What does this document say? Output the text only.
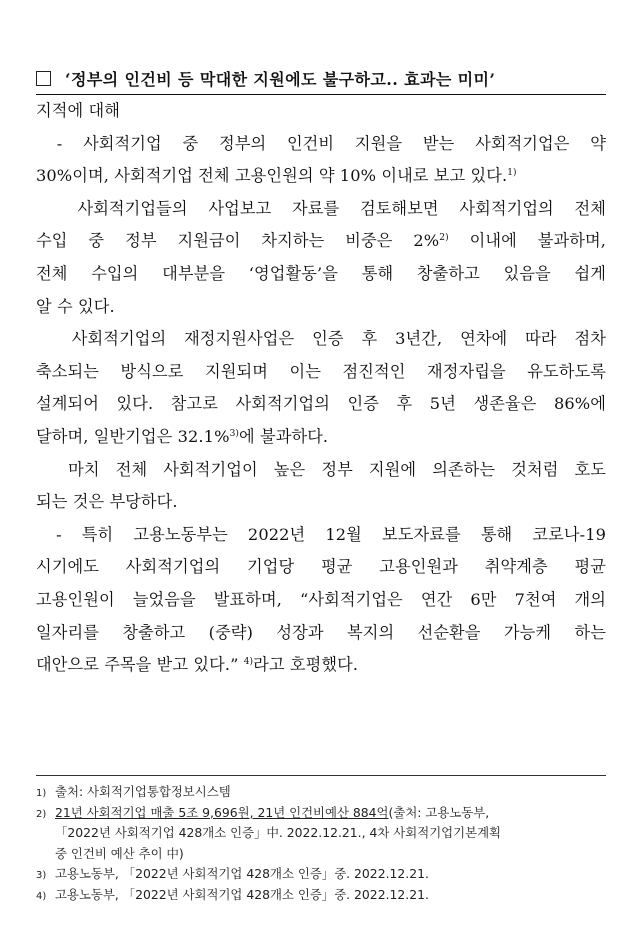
‘정부의 인건비 등 막대한 지원에도 불구하고.. 효과는 미미’
지적에 대해
- 사회적기업 중 정부의 인건비 지원을 받는 사회적기업은 약
30%이며, 사회적기업 전체 고용인원의 약 10% 이내로 보고 있다.$^{1)}$
사회적기업들의 사업보고 자료를 검토해보면 사회적기업의 전체
수입 중 정부 지원금이 차지하는 비중은 2%$^{2)}$ 이내에 불과하며,
전체 수입의 대부분을 ‘영업활동’을 통해 창출하고 있음을 쉽게
알 수 있다.
사회적기업의 재정지원사업은 인증 후 3년간, 연차에 따라 점차
축소되는 방식으로 지원되며 이는 점진적인 재정자립을 유도하도록
설계되어 있다. 참고로 사회적기업의 인증 후 5년 생존율은 86%에
달하며, 일반기업은 32.1%$^{3)}$에 불과하다.
마치 전체 사회적기업이 높은 정부 지원에 의존하는 것처럼 호도
되는 것은 부당하다.
- 특히 고용노동부는 2022년 12월 보도자료를 통해 코로나-19
시기에도 사회적기업의 기업당 평균 고용인원과 취약계층 평균
고용인원이 늘었음을 발표하며, “사회적기업은 연간 6만 7천여 개의
일자리를 창출하고 (중략) 성장과 복지의 선순환을 가능케 하는
대안으로 주목을 받고 있다.” $^{4)}$라고 호평했다.
1) 출처: 사회적기업통합정보시스템
2) 21년 사회적기업 매출 5조 9,696원, 21년 인건비예산 884억(출처: 고용노동부,
「2022년 사회적기업 428개소 인증」中. 2022.12.21., 4차 사회적기업기본계획
중 인건비 예산 추이 中)
3) 고용노동부, 「2022년 사회적기업 428개소 인증」중. 2022.12.21.
4) 고용노동부, 「2022년 사회적기업 428개소 인증」중. 2022.12.21.
